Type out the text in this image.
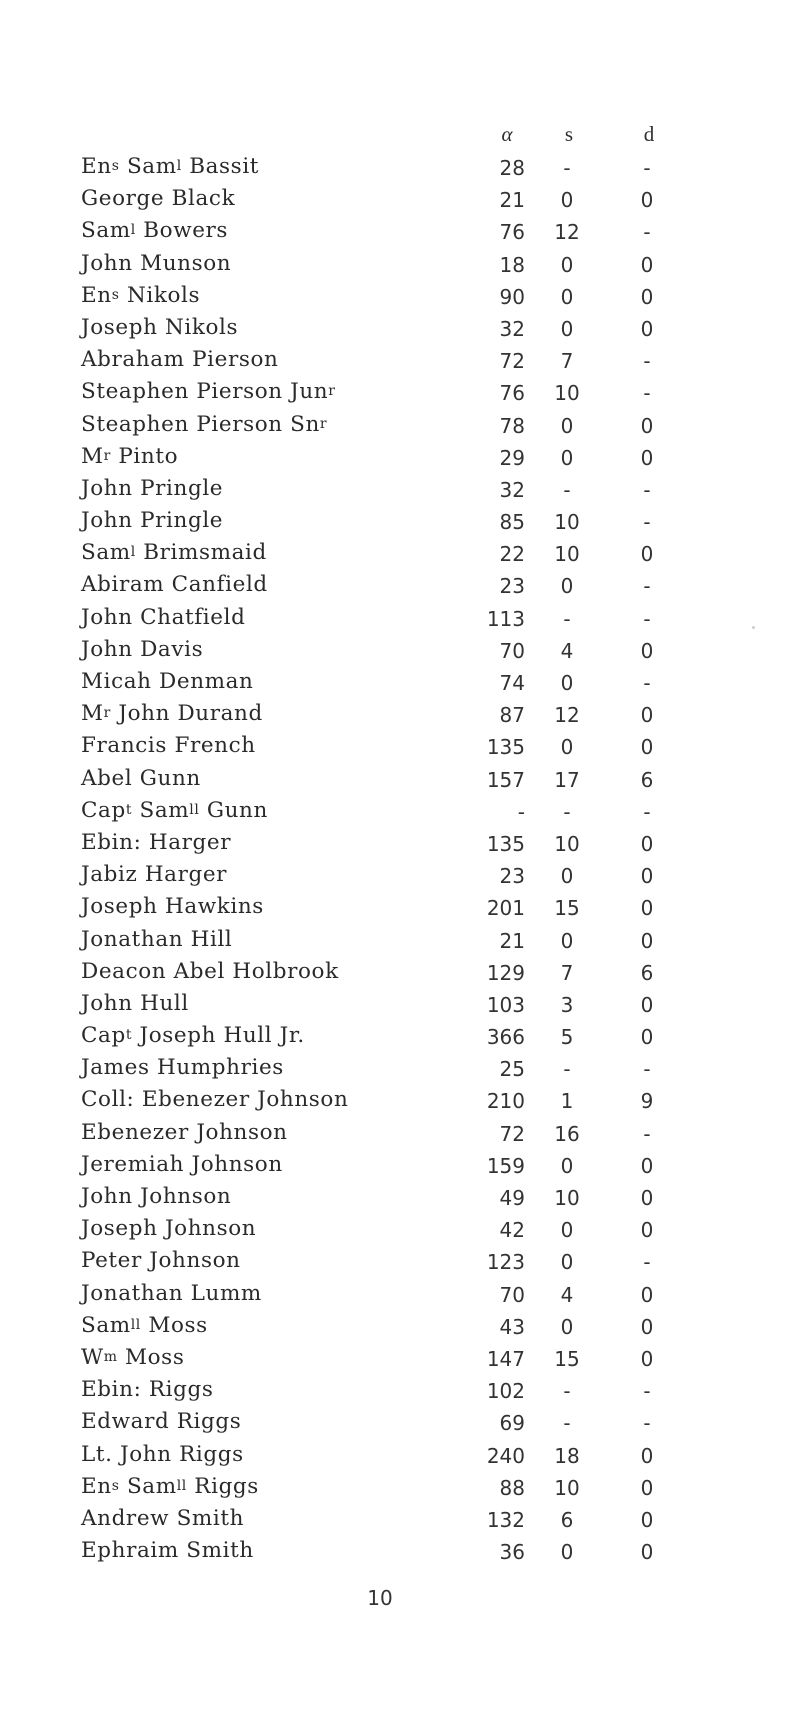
α	s	d
En$^s$ Sam$^l$ Bassit	28	-	-
George Black	21	0	0
Sam$^l$ Bowers	76	12	-
John Munson	18	0	0
En$^s$ Nikols	90	0	0
Joseph Nikols	32	0	0
Abraham Pierson	72	7	-
Steaphen Pierson Jun$^r$	76	10	-
Steaphen Pierson Sn$^r$	78	0	0
$M^r$ Pinto	29	0	0
John Pringle	32	-	-
John Pringle	85	10	-
Sam$^l$ Brimsmaid	22	10	0
Abiram Canfield	23	0	-
John Chatfield	113	-	-
John Davis	70	4	0
Micah Denman	74	0	-
$M^r$ John Durand	87	12	0
Francis French	135	0	0
Abel Gunn	157	17	6
Cap$^t$ Sam$^{ll}$ Gunn	-	-	-
Ebin: Harger	135	10	0
Jabiz Harger	23	0	0
Joseph Hawkins	201	15	0
Jonathan Hill	21	0	0
Deacon Abel Holbrook	129	7	6
John Hull	103	3	0
Cap$^t$ Joseph Hull Jr.	366	5	0
James Humphries	25	-	-
Coll: Ebenezer Johnson	210	1	9
Ebenezer Johnson	72	16	-
Jeremiah Johnson	159	0	0
John Johnson	49	10	0
Joseph Johnson	42	0	0
Peter Johnson	123	0	-
Jonathan Lumm	70	4	0
Sam$^{ll}$ Moss	43	0	0
$W^m$ Moss	147	15	0
Ebin: Riggs	102	-	-
Edward Riggs	69	-	-
Lt. John Riggs	240	18	0
En$^s$ Sam$^{ll}$ Riggs	88	10	0
Andrew Smith	132	6	0
Ephraim Smith	36	0	0
10
